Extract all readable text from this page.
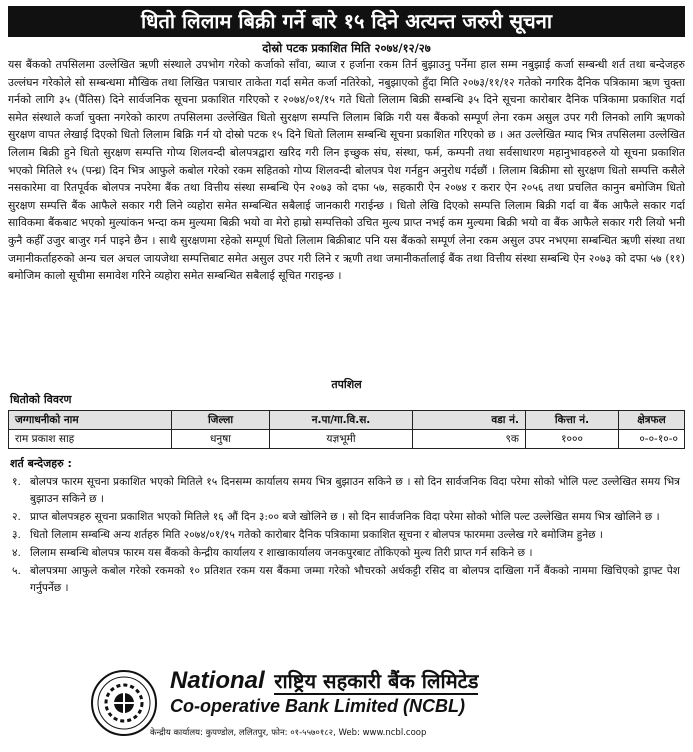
धितो लिलाम बिक्री गर्ने बारे १५ दिने अत्यन्त जरुरी सूचना
दोस्रो पटक प्रकाशित मिति २०७४/१२/२७
यस बैंकको तपसिलमा उल्लेखित ऋणी संस्थाले उपभोग गरेको कर्जाको साँवा, ब्याज र हर्जाना रकम तिर्न बुझाउनु पर्नेमा हाल सम्म नबुझाई कर्जा सम्बन्धी शर्त तथा बन्देजहरु उल्लंघन गरेकोले सो सम्बन्धमा मौखिक तथा लिखित पत्राचार ताकेता गर्दा समेत कर्जा नतिरेको, नबुझाएको हुँदा मिति २०७३/११/१२ गतेको नगरिक दैनिक पत्रिकामा ऋण चुक्ता गर्नको लागि ३५ (पैंतिस) दिने सार्वजनिक सूचना प्रकाशित गरिएको र २०७४/०१/१५ गते धितो लिलाम बिक्री सम्बन्धि ३५ दिने सूचना कारोबार दैनिक पत्रिकामा प्रकाशित गर्दा समेत संस्थाले कर्जा चुक्ता नगरेको कारण तपसिलमा उल्लेखित धितो सुरक्षण सम्पत्ति लिलाम बिक्रि गरी यस बैंकको सम्पूर्ण लेना रकम असुल उपर गरी लिनको लागि ऋणको सुरक्षण वापत लेखाई दिएको धितो लिलाम बिक्रि गर्न यो दोस्रो पटक १५ दिने धितो लिलाम सम्बन्धि सूचना प्रकाशित गरिएको छ । अत उल्लेखित म्याद भित्र तपसिलमा उल्लेखित लिलाम बिक्री हुने धितो सुरक्षण सम्पत्ति गोप्य शिलवन्दी बोलपत्रद्वारा खरिद गरी लिन इच्छुक संघ, संस्था, फर्म, कम्पनी तथा सर्वसाधारण महानुभावहरुले यो सूचना प्रकाशित भएको मितिले १५ (पन्ध्र) दिन भित्र आफुले कबोल गरेको रकम सहितको गोप्य शिलवन्दी बोलपत्र पेश गर्नहुन अनुरोध गर्दछौं । लिलाम बिक्रीमा सो सुरक्षण धितो सम्पत्ति कसैले नसकारेमा वा रितपूर्वक बोलपत्र नपरेमा बैंक तथा वित्तीय संस्था सम्बन्धि ऐन २०७३ को दफा ५७, सहकारी ऐन २०७४ र करार ऐन २०५६ तथा प्रचलित कानुन बमोजिम धितो सुरक्षण सम्पत्ति बैंक आफैले सकार गरी लिने व्यहोरा समेत सम्बन्धित सबैलाई जानकारी गराईन्छ । धितो लेखि दिएको सम्पत्ति लिलाम बिक्री गर्दा वा बैंक आफैले सकार गर्दा साविकमा बैंकबाट भएको मुल्यांकन भन्दा कम मुल्यमा बिक्री भयो वा मेरो हाम्रो सम्पत्तिको उचित मुल्य प्राप्त नभई कम मुल्यमा बिक्री भयो वा बैंक आफैले सकार गरी लियो भनी कुनै कहीँ उजुर बाजुर गर्न पाइने छैन । साथै सुरक्षणमा रहेको सम्पूर्ण धितो लिलाम बिक्रीबाट पनि यस बैंकको सम्पूर्ण लेना रकम असुल उपर नभएमा सम्बन्धित ऋणी संस्था तथा जमानीकर्ताहरुको अन्य चल अचल जायजेथा सम्पत्तिबाट समेत असुल उपर गरी लिने र ऋणी तथा जमानीकर्तालाई बैंक तथा वित्तीय संस्था सम्बन्धि ऐन २०७३ को दफा ५७ (११) बमोजिम कालो सूचीमा समावेश गरिने व्यहोरा समेत सम्बन्धित सबैलाई सूचित गराइन्छ ।
तपशिल
धितोको विवरण
जग्गाधनीको नाम	जिल्ला	न.पा/गा.वि.स.	वडा नं.	कित्ता नं.	क्षेत्रफल
राम प्रकाश साह	धनुषा	यज्ञभूमी	९क	१०००	०-०-१०-०
शर्त बन्देजहरु :
१. बोलपत्र फारम सूचना प्रकाशित भएको मितिले १५ दिनसम्म कार्यालय समय भित्र बुझाउन सकिने छ । सो दिन सार्वजनिक विदा परेमा सोको भोलि पल्ट उल्लेखित समय भित्र बुझाउन सकिने छ ।
२. प्राप्त बोलपत्रहरु सूचना प्रकाशित भएको मितिले १६ औं दिन ३:०० बजे खोलिने छ । सो दिन सार्वजनिक विदा परेमा सोको भोलि पल्ट उल्लेखित समय भित्र खोलिने छ ।
३. धितो लिलाम सम्बन्धि अन्य शर्तहरु मिति २०७४/०१/१५ गतेको कारोबार दैनिक पत्रिकामा प्रकाशित सूचना र बोलपत्र फारममा उल्लेख गरे बमोजिम हुनेछ ।
४. लिलाम सम्बन्धि बोलपत्र फारम यस बैंकको केन्द्रीय कार्यालय र शाखाकार्यालय जनकपुरबाट तोकिएको मुल्य तिरी प्राप्त गर्न सकिने छ ।
५. बोलपत्रमा आफुले कबोल गरेको रकमको १० प्रतिशत रकम यस बैंकमा जम्मा गरेको भौचरको अर्धकट्टी रसिद वा बोलपत्र दाखिला गर्ने बैंकको नाममा खिचिएको ड्राफ्ट पेश गर्नुपर्नेछ ।
National राष्ट्रिय सहकारी बैंक लिमिटेड
Co-operative Bank Limited (NCBL)
केन्द्रीय कार्यालय: कुपण्डोल, ललितपुर, फोन: ०१-५५७०१८२, Web: www.ncbl.coop
